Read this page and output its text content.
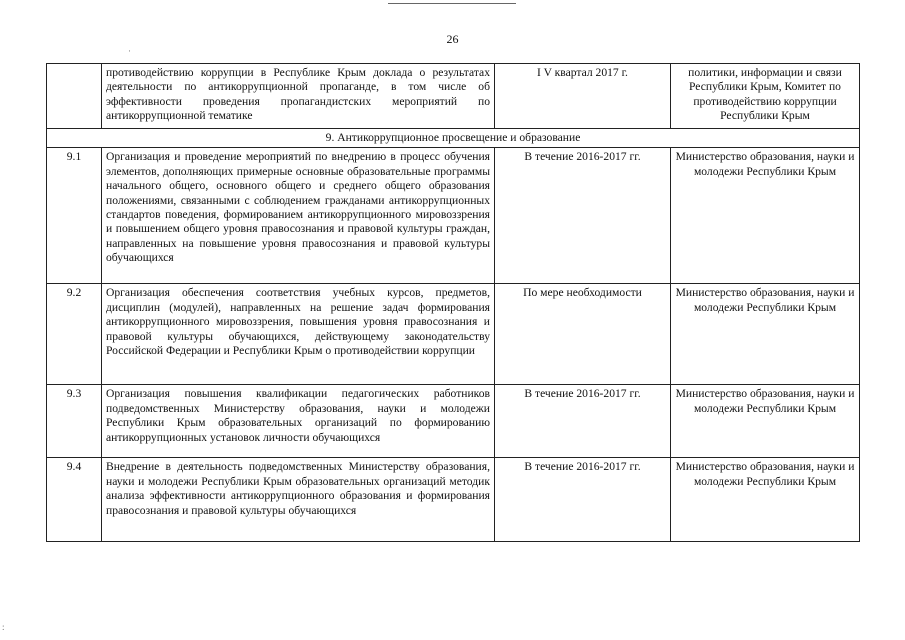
26
·
:
	противодействию коррупции в Республике Крым доклада о результатах деятельности по антикоррупционной пропаганде, в том числе об эффективности проведения пропагандистских мероприятий по антикоррупционной тематике	I V квартал 2017 г.	политики, информации и связи Республики Крым, Комитет по противодействию коррупции Республики Крым
9. Антикоррупционное просвещение и образование			
9.1	Организация и проведение мероприятий по внедрению в процесс обучения элементов, дополняющих примерные основные образовательные программы начального общего, основного общего и среднего общего образования положениями, связанными с соблюдением гражданами антикоррупционных стандартов поведения, формированием антикоррупционного мировоззрения и повышением общего уровня правосознания и правовой культуры граждан, направленных на повышение уровня правосознания и правовой культуры обучающихся	В течение 2016-2017 гг.	Министерство образования, науки и молодежи Республики Крым
9.2	Организация обеспечения соответствия учебных курсов, предметов, дисциплин (модулей), направленных на решение задач формирования антикоррупционного мировоззрения, повышения уровня правосознания и правовой культуры обучающихся, действующему законодательству Российской Федерации и Республики Крым о противодействии коррупции	По мере необходимости	Министерство образования, науки и молодежи Республики Крым
9.3	Организация повышения квалификации педагогических работников подведомственных Министерству образования, науки и молодежи Республики Крым образовательных организаций по формированию антикоррупционных установок личности обучающихся	В течение 2016-2017 гг.	Министерство образования, науки и молодежи Республики Крым
9.4	Внедрение в деятельность подведомственных Министерству образования, науки и молодежи Республики Крым образовательных организаций методик анализа эффективности антикоррупционного образования и формирования правосознания и правовой культуры обучающихся	В течение 2016-2017 гг.	Министерство образования, науки и молодежи Республики Крым
